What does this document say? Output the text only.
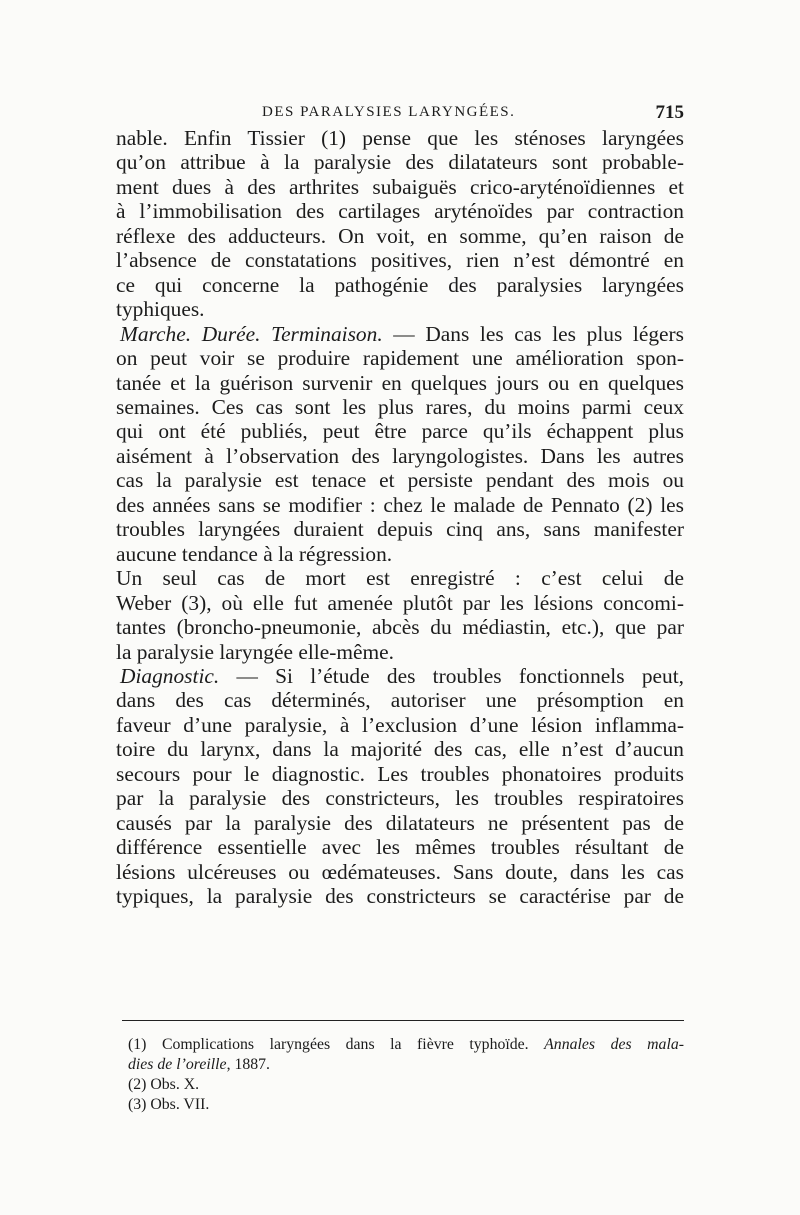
DES PARALYSIES LARYNGÉES.	715

nable. Enfin Tissier (1) pense que les sténoses laryngées
qu’on attribue à la paralysie des dilatateurs sont probable-
ment dues à des arthrites subaiguës crico-aryténoïdiennes et
à l’immobilisation des cartilages aryténoïdes par contraction
réflexe des adducteurs. On voit, en somme, qu’en raison de
l’absence de constatations positives, rien n’est démontré en
ce qui concerne la pathogénie des paralysies laryngées
typhiques.

Marche. Durée. Terminaison. — Dans les cas les plus légers
on peut voir se produire rapidement une amélioration spon-
tanée et la guérison survenir en quelques jours ou en quelques
semaines. Ces cas sont les plus rares, du moins parmi ceux
qui ont été publiés, peut être parce qu’ils échappent plus
aisément à l’observation des laryngologistes. Dans les autres
cas la paralysie est tenace et persiste pendant des mois ou
des années sans se modifier : chez le malade de Pennato (2) les
troubles laryngées duraient depuis cinq ans, sans manifester
aucune tendance à la régression.

Un seul cas de mort est enregistré : c’est celui de
Weber (3), où elle fut amenée plutôt par les lésions concomi-
tantes (broncho-pneumonie, abcès du médiastin, etc.), que par
la paralysie laryngée elle-même.

Diagnostic. — Si l’étude des troubles fonctionnels peut,
dans des cas déterminés, autoriser une présomption en
faveur d’une paralysie, à l’exclusion d’une lésion inflamma-
toire du larynx, dans la majorité des cas, elle n’est d’aucun
secours pour le diagnostic. Les troubles phonatoires produits
par la paralysie des constricteurs, les troubles respiratoires
causés par la paralysie des dilatateurs ne présentent pas de
différence essentielle avec les mêmes troubles résultant de
lésions ulcéreuses ou œdémateuses. Sans doute, dans les cas
typiques, la paralysie des constricteurs se caractérise par de

(1) Complications laryngées dans la fièvre typhoïde. Annales des mala-
dies de l’oreille, 1887.
(2) Obs. X.
(3) Obs. VII.
